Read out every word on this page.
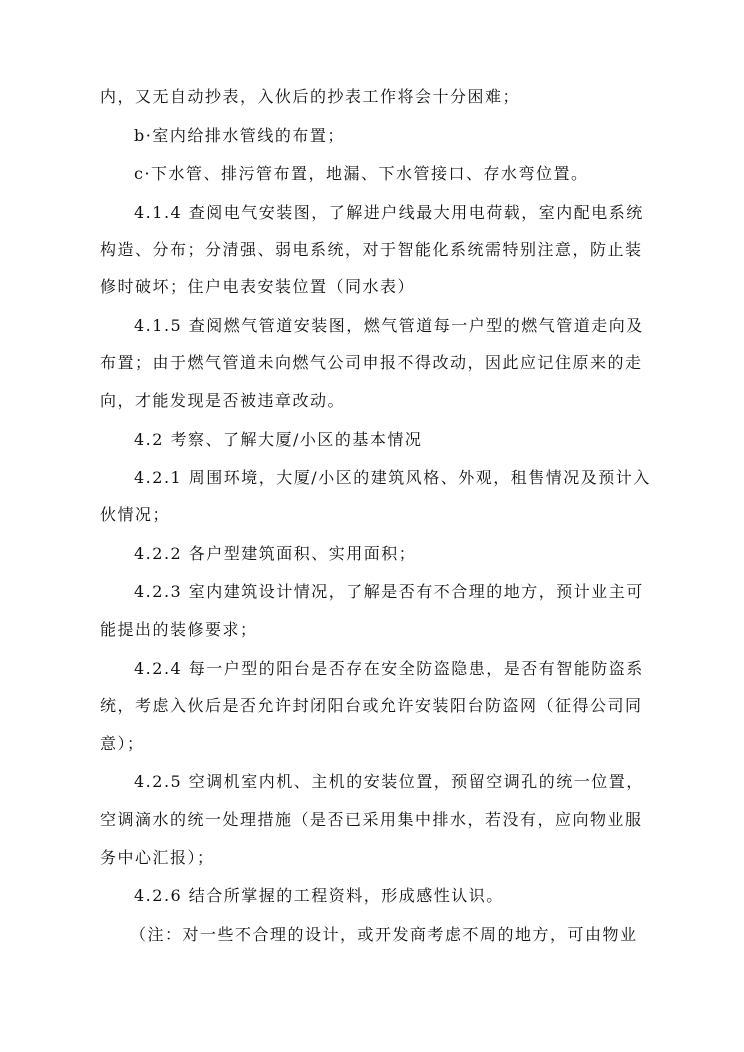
内，又无自动抄表，入伙后的抄表工作将会十分困难；
b·室内给排水管线的布置；
c·下水管、排污管布置，地漏、下水管接口、存水弯位置。
4.1.4 查阅电气安装图，了解进户线最大用电荷载，室内配电系统
构造、分布；分清强、弱电系统，对于智能化系统需特别注意，防止装
修时破坏；住户电表安装位置（同水表）
4.1.5 查阅燃气管道安装图，燃气管道每一户型的燃气管道走向及
布置；由于燃气管道未向燃气公司申报不得改动，因此应记住原来的走
向，才能发现是否被违章改动。
4.2 考察、了解大厦/小区的基本情况
4.2.1 周围环境，大厦/小区的建筑风格、外观，租售情况及预计入
伙情况；
4.2.2 各户型建筑面积、实用面积；
4.2.3 室内建筑设计情况，了解是否有不合理的地方，预计业主可
能提出的装修要求；
4.2.4 每一户型的阳台是否存在安全防盗隐患，是否有智能防盗系
统，考虑入伙后是否允许封闭阳台或允许安装阳台防盗网（征得公司同
意）；
4.2.5 空调机室内机、主机的安装位置，预留空调孔的统一位置，
空调滴水的统一处理措施（是否已采用集中排水，若没有，应向物业服
务中心汇报）；
4.2.6 结合所掌握的工程资料，形成感性认识。
（注：对一些不合理的设计，或开发商考虑不周的地方，可由物业
